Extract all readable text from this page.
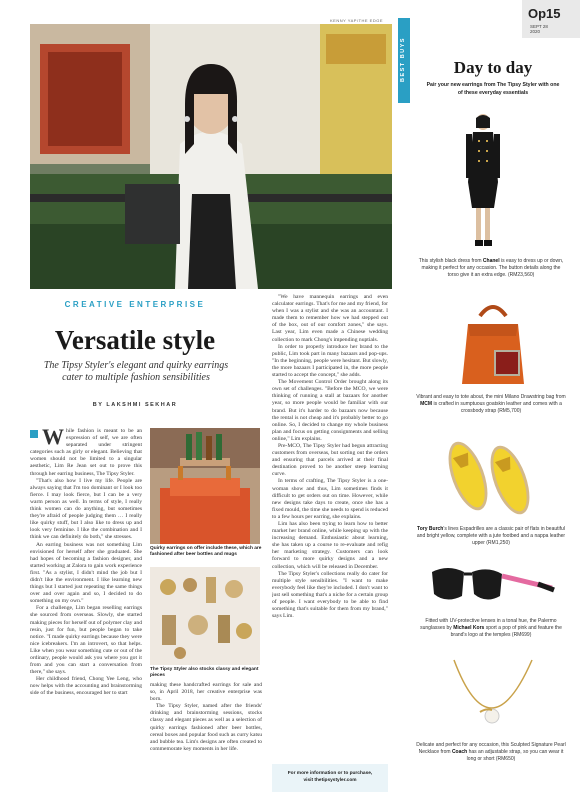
KENNY YAP/THE EDGE
CREATIVE ENTERPRISE
Versatile style
The Tipsy Styler's elegant and quirky earrings cater to multiple fashion sensibilities
BY LAKSHMI SEKHAR
W hile fashion is meant to be an expression of self, we are often separated under stringent categories such as girly or elegant. Believing that women should not be limited to a singular aesthetic, Lim Re Jean set out to prove this through her earring business, The Tipsy Styler.

"That's also how I live my life. People are always saying that I'm too dominant or I look too fierce. I may look fierce, but I can be a very warm person as well. In terms of style, I really think women can do anything, but sometimes they're afraid of people judging them … I really like quirky stuff, but I also like to dress up and look very feminine. I like the combination and I think we can definitely do both," she stresses.

An earring business was not something Lim envisioned for herself after she graduated. She had hopes of becoming a fashion designer, and started working at Zalora to gain work experience first. "As a stylist, I didn't mind the job but I didn't like the environment. I like learning new things but I started just repeating the same things over and over again and so, I decided to do something on my own."

For a challenge, Lim began reselling earrings she sourced from overseas. Slowly, she started making pieces for herself out of polymer clay and resin, just for fun, but people began to take notice. "I made quirky earrings because they were nice icebreakers. I'm an introvert, so that helps. Like when you wear something cute or out of the ordinary, people would ask you where you got it from and you can start a conversation from there," she says.

Her childhood friend, Chong Yee Leng, who now helps with the accounting and brainstorming side of the business, encouraged her to start

Quirky earrings on offer include these, which are fashioned after beer bottles and mugs
The Tipsy Styler also stocks classy and elegant pieces

making these handcrafted earrings for sale and so, in April 2018, her creative enterprise was born.

The Tipsy Styler, named after the friends' drinking and brainstorming sessions, stocks classy and elegant pieces as well as a selection of quirky earrings fashioned after beer bottles, cereal boxes and popular food such as curry katsu and bubble tea. Lim's designs are often created to commemorate key moments in her life.

"We have mannequin earrings and even calculator earrings. That's for me and my friend, for when I was a stylist and she was an accountant. I made them to remember how we had stepped out of the box, out of our comfort zones," she says. Last year, Lim even made a Chinese wedding collection to mark Chong's impending nuptials.

In order to properly introduce her brand to the public, Lim took part in many bazaars and pop-ups. "In the beginning, people were hesitant. But slowly, the more bazaars I participated in, the more people started to accept the concept," she adds.

The Movement Control Order brought along its own set of challenges. "Before the MCO, we were thinking of running a stall at bazaars for another year, so more people would be familiar with our brand. But it's harder to do bazaars now because the rental is not cheap and it's probably better to go online. So, I decided to change my whole business plan and focus on getting consignments and selling online," Lim explains.

Pre-MCO, The Tipsy Styler had begun attracting customers from overseas, but sorting out the orders and ensuring that parcels arrived at their final destination proved to be another steep learning curve.

In terms of crafting, The Tipsy Styler is a one-woman show and thus, Lim sometimes finds it difficult to get orders out on time. However, while new designs take days to create, once she has a fixed mould, the time she needs to spend is reduced to a few hours per earring, she explains.

Lim has also been trying to learn how to better market her brand online, while keeping up with the increasing demand. Enthusiastic about learning, she has taken up a course to re-evaluate and refig her marketing strategy. Customers can look forward to more quirky designs and a new collection, which will be released in December.

The Tipsy Styler's collections really do cater for multiple style sensibilities. "I want to make everybody feel like they're included. I don't want to just sell something that's a niche for a certain group of people. I want everybody to be able to find something that's suitable for them from my brand," says Lim.

For more information or to purchase,
visit thetipsystyler.com
Op15
SEPT 28
2020
BEST BUYS	Day to day
Pair your new earrings from The Tipsy Styler with one of these everyday essentials
This stylish black dress from Chanel is easy to dress up or down, making it perfect for any occasion. The button details along the torso give it an extra edge. (RM23,560)
Vibrant and easy to tote about, the mini Milano Drawstring bag from MCM is crafted in sumptuous goatskin leather and comes with a crossbody strap (RM5,700)
Tory Burch's lines Espadrilles are a classic pair of flats in beautiful and bright yellow, complete with a jute footbed and a nappa leather upper (RM1,250)
Fitted with UV-protective lenses in a tonal hue, the Palermo sunglasses by Michael Kors sport a pop of pink and feature the brand's logo at the temples (RM699)
Delicate and perfect for any occasion, this Sculpted Signature Pearl Necklace from Coach has an adjustable strap, so you can wear it long or short (RM650)
